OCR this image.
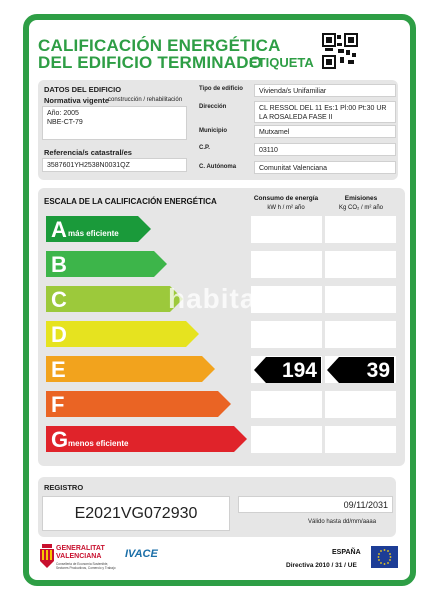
CALIFICACIÓN ENERGÉTICA
DEL EDIFICIO TERMINADO
ETIQUETA
DATOS DEL EDIFICIO
Normativa vigente
construcción / rehabilitación
Año: 2005
NBE-CT-79
Referencia/s catastral/es
3587601YH2538N0031QZ
Tipo de edificio	Vivienda/s Unifamiliar
Dirección	CL RESSOL DEL 11 Es:1 Pl:00 Pt:30 UR LA ROSALEDA FASE II
Municipio	Mutxamel
C.P.	03110
C. Autónoma	Comunitat Valenciana
ESCALA DE LA CALIFICACIÓN ENERGÉTICA	Consumo de energía
kW h / m² año
Emisiones
Kg CO₂ / m² año
A más eficiente
B
C
D
E	194 39
F
G menos eficiente
habitaclia
REGISTRO
E2021VG072930	09/11/2031
Válido hasta dd/mm/aaaa
GENERALITAT
VALENCIANA
Conselleria de Economía Sostenible, Sectores Productivos, Comercio y Trabajo
IVACE	ESPAÑA
Directiva 2010 / 31 / UE
